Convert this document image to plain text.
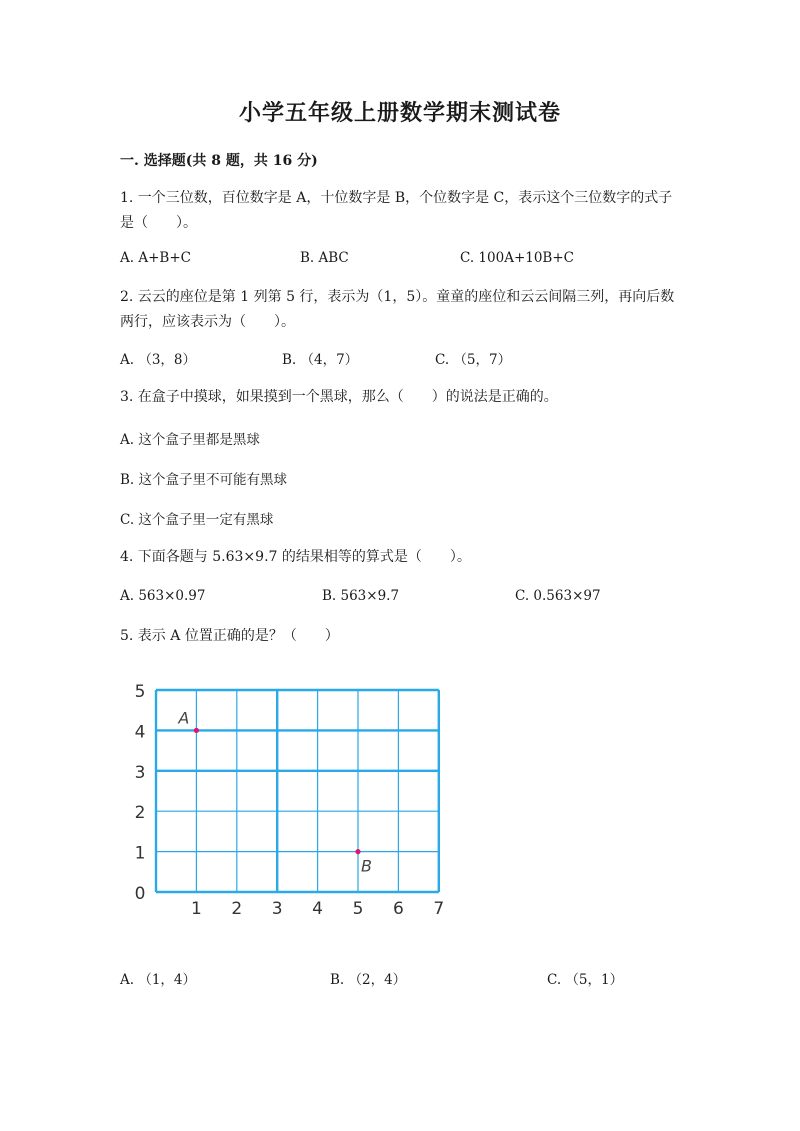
小学五年级上册数学期末测试卷
一. 选择题(共 8 题，共 16 分)
1. 一个三位数，百位数字是 A，十位数字是 B，个位数字是 C，表示这个三位数字的式子是（　　）。
A. A+B+C	B. ABC	C. 100A+10B+C
2. 云云的座位是第 1 列第 5 行，表示为（1，5）。童童的座位和云云间隔三列，再向后数两行，应该表示为（　　）。
A. （3，8）	B. （4，7）	C. （5，7）
3. 在盒子中摸球，如果摸到一个黑球，那么（　　）的说法是正确的。
A. 这个盒子里都是黑球
B. 这个盒子里不可能有黑球
C. 这个盒子里一定有黑球
4. 下面各题与 5.63×9.7 的结果相等的算式是（　　）。
A. 563×0.97	B. 563×9.7	C. 0.563×97
5. 表示 A 位置正确的是？（　　）
0
1
2
3
4
5
1 2 3 4 5 6 7
A
B
A. （1，4）	B. （2，4）	C. （5，1）
